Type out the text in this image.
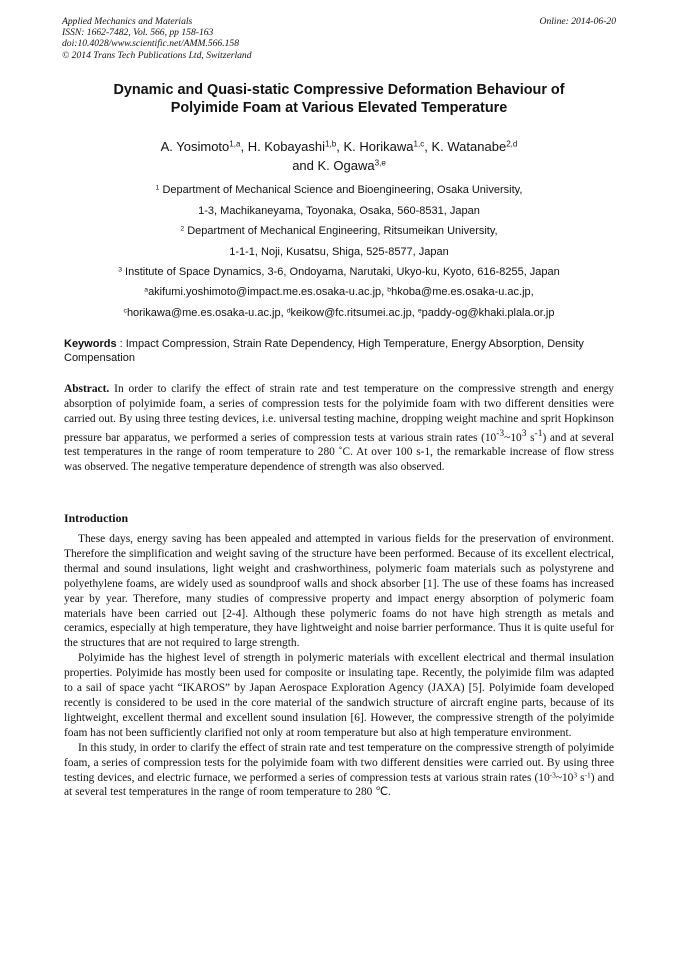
Applied Mechanics and Materials
ISSN: 1662-7482, Vol. 566, pp 158-163
doi:10.4028/www.scientific.net/AMM.566.158
© 2014 Trans Tech Publications Ltd, Switzerland
Online: 2014-06-20
Dynamic and Quasi-static Compressive Deformation Behaviour of
Polyimide Foam at Various Elevated Temperature
A. Yosimoto$^{1,a}$, H. Kobayashi$^{1,b}$, K. Horikawa$^{1,c}$, K. Watanabe$^{2,d}$
and K. Ogawa$^{3,e}$
$^1$ Department of Mechanical Science and Bioengineering, Osaka University,
1-3, Machikaneyama, Toyonaka, Osaka, 560-8531, Japan
$^2$ Department of Mechanical Engineering, Ritsumeikan University,
1-1-1, Noji, Kusatsu, Shiga, 525-8577, Japan
$^3$ Institute of Space Dynamics, 3-6, Ondoyama, Narutaki, Ukyo-ku, Kyoto, 616-8255, Japan
$^a$akifumi.yoshimoto@impact.me.es.osaka-u.ac.jp, $^b$hkoba@me.es.osaka-u.ac.jp,
$^c$horikawa@me.es.osaka-u.ac.jp, $^d$keikow@fc.ritsumei.ac.jp, $^e$paddy-og@khaki.plala.or.jp
Keywords : Impact Compression, Strain Rate Dependency, High Temperature, Energy Absorption, Density Compensation
Abstract. In order to clarify the effect of strain rate and test temperature on the compressive strength and energy absorption of polyimide foam, a series of compression tests for the polyimide foam with two different densities were carried out. By using three testing devices, i.e. universal testing machine, dropping weight machine and sprit Hopkinson pressure bar apparatus, we performed a series of compression tests at various strain rates ($10^{-3}\sim 10^3$ $s^{-1}$) and at several test temperatures in the range of room temperature to 280 ˚C. At over 100 s-1, the remarkable increase of flow stress was observed. The negative temperature dependence of strength was also observed.
Introduction

These days, energy saving has been appealed and attempted in various fields for the preservation of environment. Therefore the simplification and weight saving of the structure have been performed. Because of its excellent electrical, thermal and sound insulations, light weight and crashworthiness, polymeric foam materials such as polystyrene and polyethylene foams, are widely used as soundproof walls and shock absorber [1]. The use of these foams has increased year by year. Therefore, many studies of compressive property and impact energy absorption of polymeric foam materials have been carried out [2-4]. Although these polymeric foams do not have high strength as metals and ceramics, especially at high temperature, they have lightweight and noise barrier performance. Thus it is quite useful for the structures that are not required to large strength.

Polyimide has the highest level of strength in polymeric materials with excellent electrical and thermal insulation properties. Polyimide has mostly been used for composite or insulating tape. Recently, the polyimide film was adapted to a sail of space yacht “IKAROS” by Japan Aerospace Exploration Agency (JAXA) [5]. Polyimide foam developed recently is considered to be used in the core material of the sandwich structure of aircraft engine parts, because of its lightweight, excellent thermal and excellent sound insulation [6]. However, the compressive strength of the polyimide foam has not been sufficiently clarified not only at room temperature but also at high temperature environment.

In this study, in order to clarify the effect of strain rate and test temperature on the compressive strength of polyimide foam, a series of compression tests for the polyimide foam with two different densities were carried out. By using three testing devices, and electric furnace, we performed a series of compression tests at various strain rates ($10^{-3}\sim 10^3$ $s^{-1}$) and at several test temperatures in the range of room temperature to 280 ℃.
